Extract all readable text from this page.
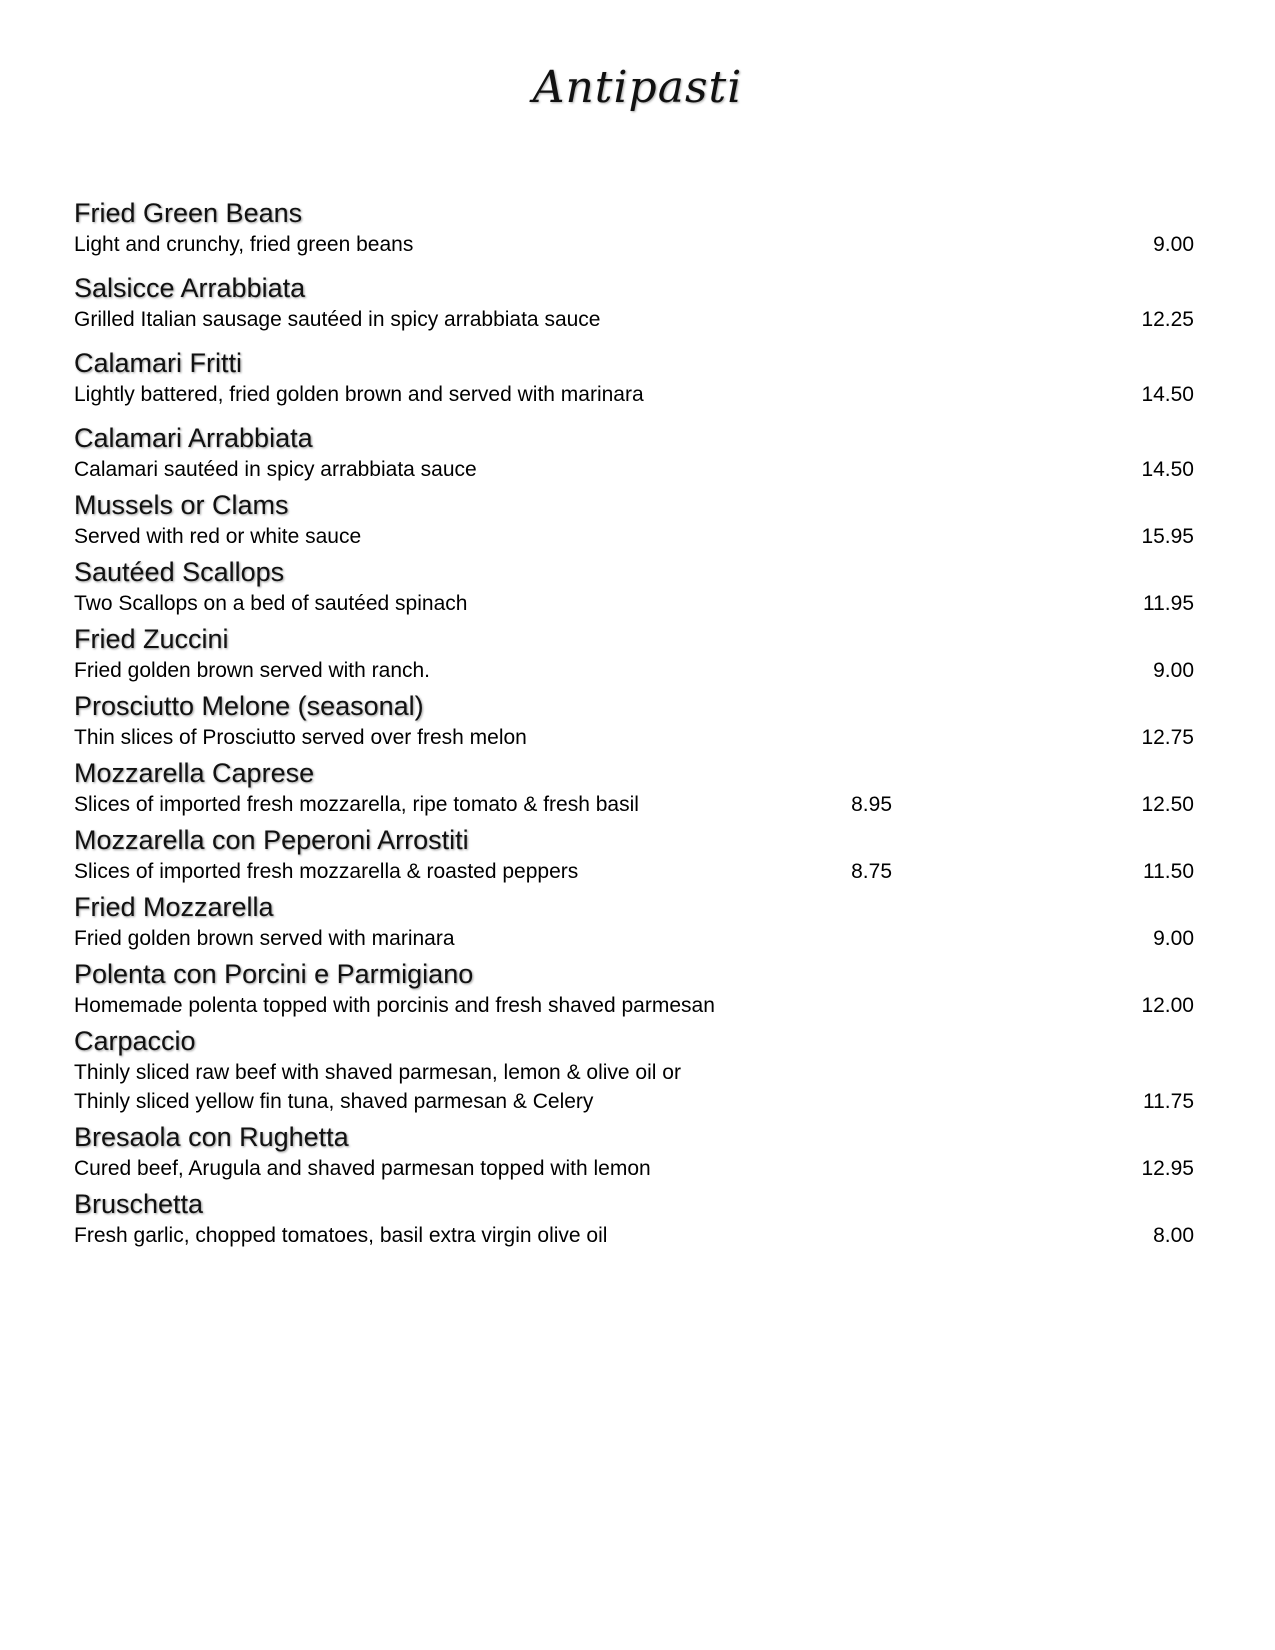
Antipasti
Fried Green Beans
Light and crunchy, fried green beans	9.00
Salsicce Arrabbiata
Grilled Italian sausage sautéed in spicy arrabbiata sauce	12.25
Calamari Fritti
Lightly battered, fried golden brown and served with marinara	14.50
Calamari Arrabbiata
Calamari sautéed in spicy arrabbiata sauce	14.50
Mussels or Clams
Served with red or white sauce	15.95
Sautéed Scallops
Two Scallops on a bed of sautéed spinach	11.95
Fried Zuccini
Fried golden brown served with ranch.	9.00
Prosciutto Melone (seasonal)
Thin slices of Prosciutto served over fresh melon	12.75
Mozzarella Caprese
Slices of imported fresh mozzarella, ripe tomato & fresh basil	8.95	12.50
Mozzarella con Peperoni Arrostiti
Slices of imported fresh mozzarella & roasted peppers	8.75	11.50
Fried Mozzarella
Fried golden brown served with marinara	9.00
Polenta con Porcini e Parmigiano
Homemade polenta topped with porcinis and fresh shaved parmesan	12.00
Carpaccio
Thinly sliced raw beef with shaved parmesan, lemon & olive oil or
Thinly sliced yellow fin tuna, shaved parmesan & Celery	11.75
Bresaola con Rughetta
Cured beef, Arugula and shaved parmesan topped with lemon	12.95
Bruschetta
Fresh garlic, chopped tomatoes, basil extra virgin olive oil	8.00
